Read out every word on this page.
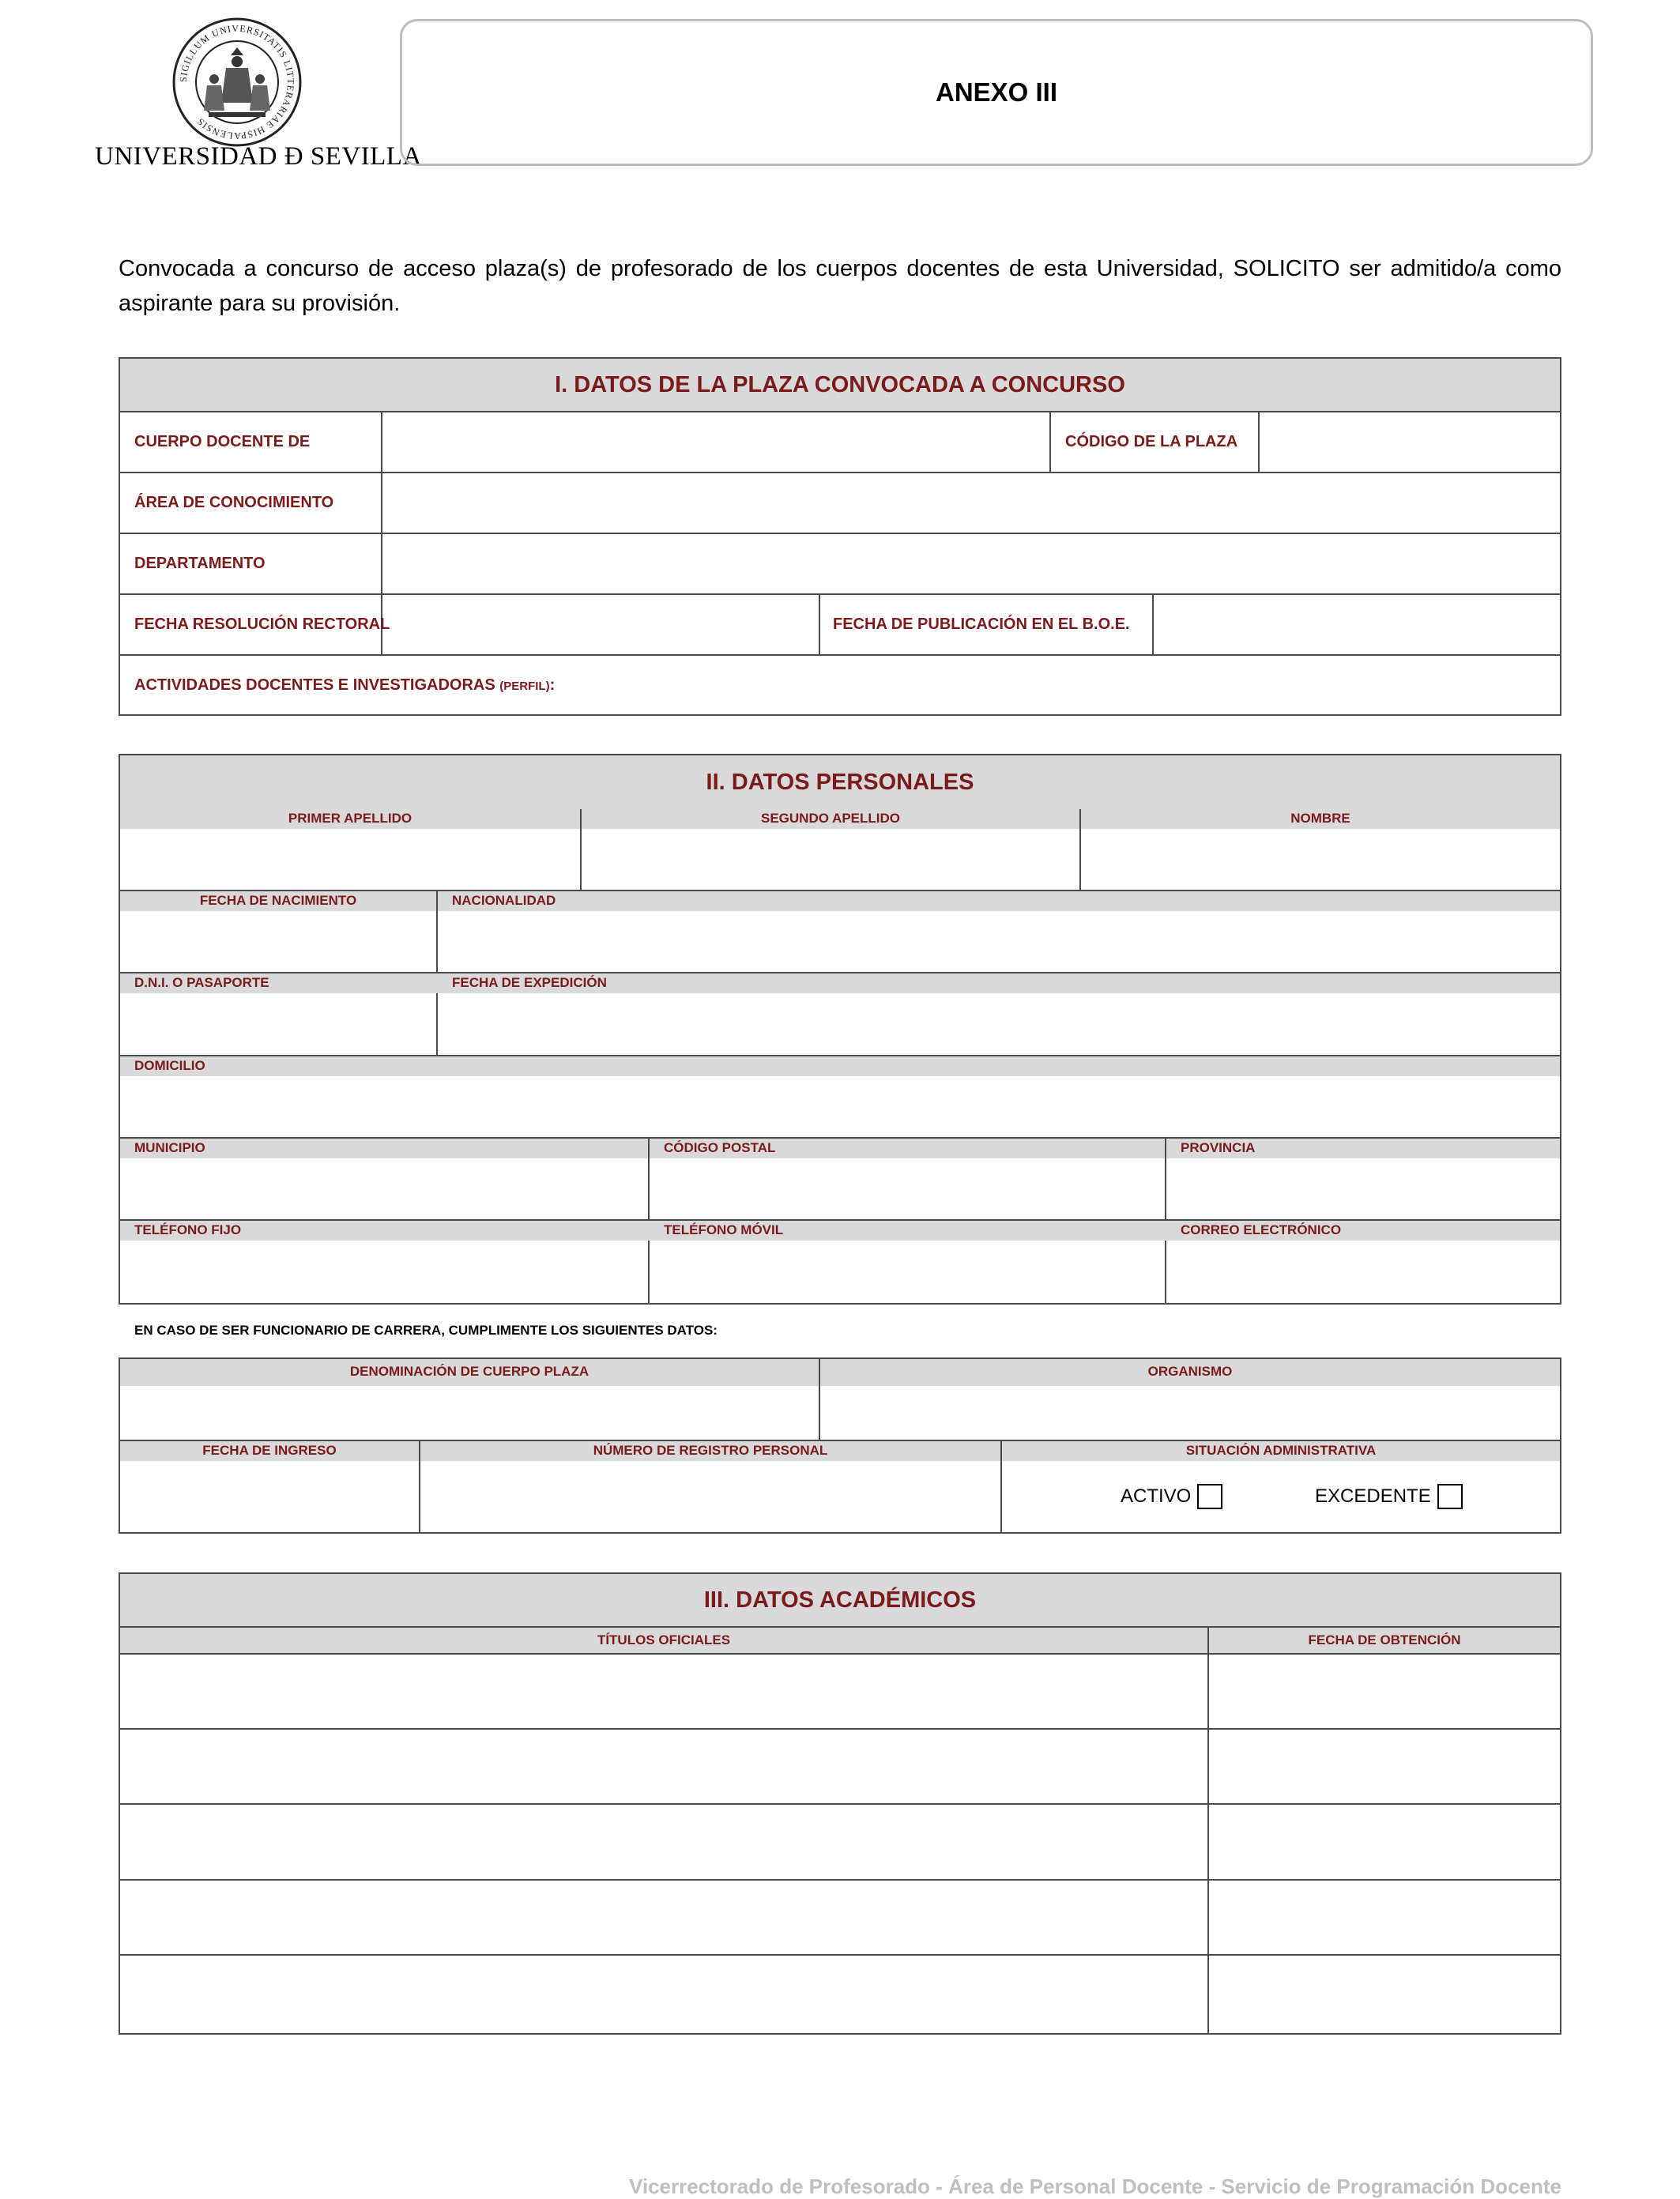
SIGILLUM UNIVERSITATIS LITTERARIAE HISPALENSIS
UNIVERSIDAD Ð SEVILLA
ANEXO III
Convocada a concurso de acceso plaza(s) de profesorado de los cuerpos docentes de esta Universidad, SOLICITO ser admitido/a como aspirante para su provisión.
I. DATOS DE LA PLAZA CONVOCADA A CONCURSO
CUERPO DOCENTE DE	CÓDIGO DE LA PLAZA
ÁREA DE CONOCIMIENTO
DEPARTAMENTO
FECHA RESOLUCIÓN RECTORAL	FECHA DE PUBLICACIÓN EN EL B.O.E.
ACTIVIDADES DOCENTES E INVESTIGADORAS (PERFIL):
II. DATOS PERSONALES
PRIMER APELLIDO	SEGUNDO APELLIDO	NOMBRE
FECHA DE NACIMIENTO	NACIONALIDAD
D.N.I. O PASAPORTE	FECHA DE EXPEDICIÓN
DOMICILIO
MUNICIPIO	CÓDIGO POSTAL	PROVINCIA
TELÉFONO FIJO	TELÉFONO MÓVIL	CORREO ELECTRÓNICO
EN CASO DE SER FUNCIONARIO DE CARRERA, CUMPLIMENTE LOS SIGUIENTES DATOS:
DENOMINACIÓN DE CUERPO PLAZA	ORGANISMO
FECHA DE INGRESO	NÚMERO DE REGISTRO PERSONAL	SITUACIÓN ADMINISTRATIVA
ACTIVO	EXCEDENTE
III. DATOS ACADÉMICOS
TÍTULOS OFICIALES	FECHA DE OBTENCIÓN
Vicerrectorado de Profesorado - Área de Personal Docente - Servicio de Programación Docente
